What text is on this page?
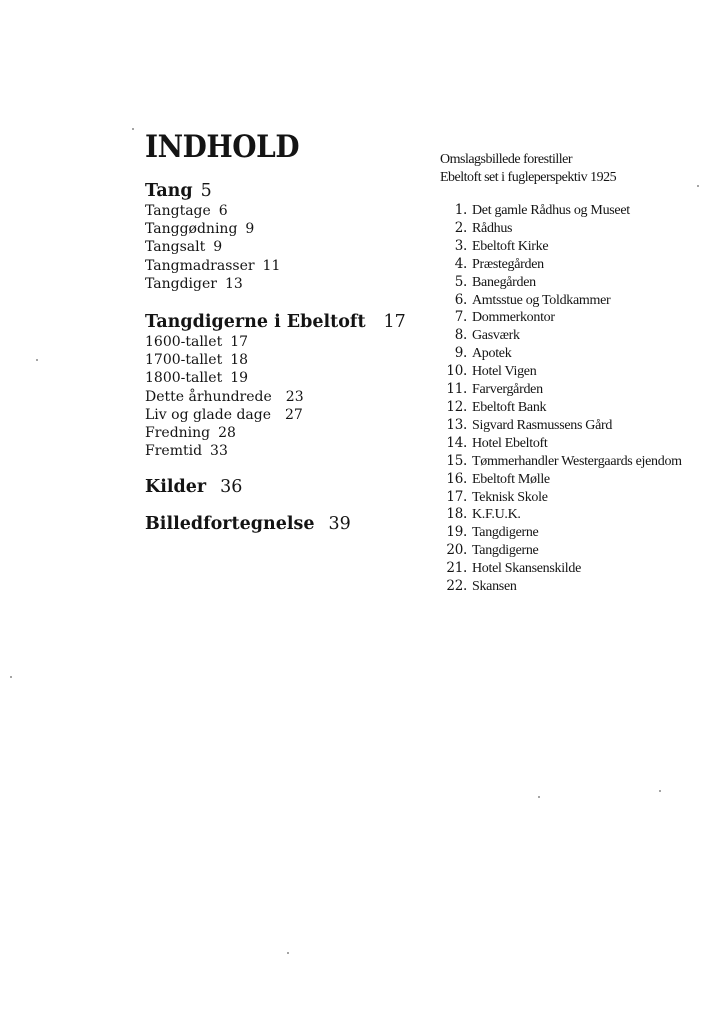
INDHOLD
Tang 5
Tangtage 6
Tanggødning 9
Tangsalt 9
Tangmadrasser 11
Tangdiger 13
Tangdigerne i Ebeltoft 17
1600-tallet 17
1700-tallet 18
1800-tallet 19
Dette århundrede 23
Liv og glade dage 27
Fredning 28
Fremtid 33
Kilder 36
Billedfortegnelse 39
Omslagsbillede forestiller
Ebeltoft set i fugleperspektiv 1925
1. Det gamle Rådhus og Museet
2. Rådhus
3. Ebeltoft Kirke
4. Præstegården
5. Banegården
6. Amtsstue og Toldkammer
7. Dommerkontor
8. Gasværk
9. Apotek
10. Hotel Vigen
11. Farvergården
12. Ebeltoft Bank
13. Sigvard Rasmussens Gård
14. Hotel Ebeltoft
15. Tømmerhandler Westergaards ejendom
16. Ebeltoft Mølle
17. Teknisk Skole
18. K.F.U.K.
19. Tangdigerne
20. Tangdigerne
21. Hotel Skansenskilde
22. Skansen
